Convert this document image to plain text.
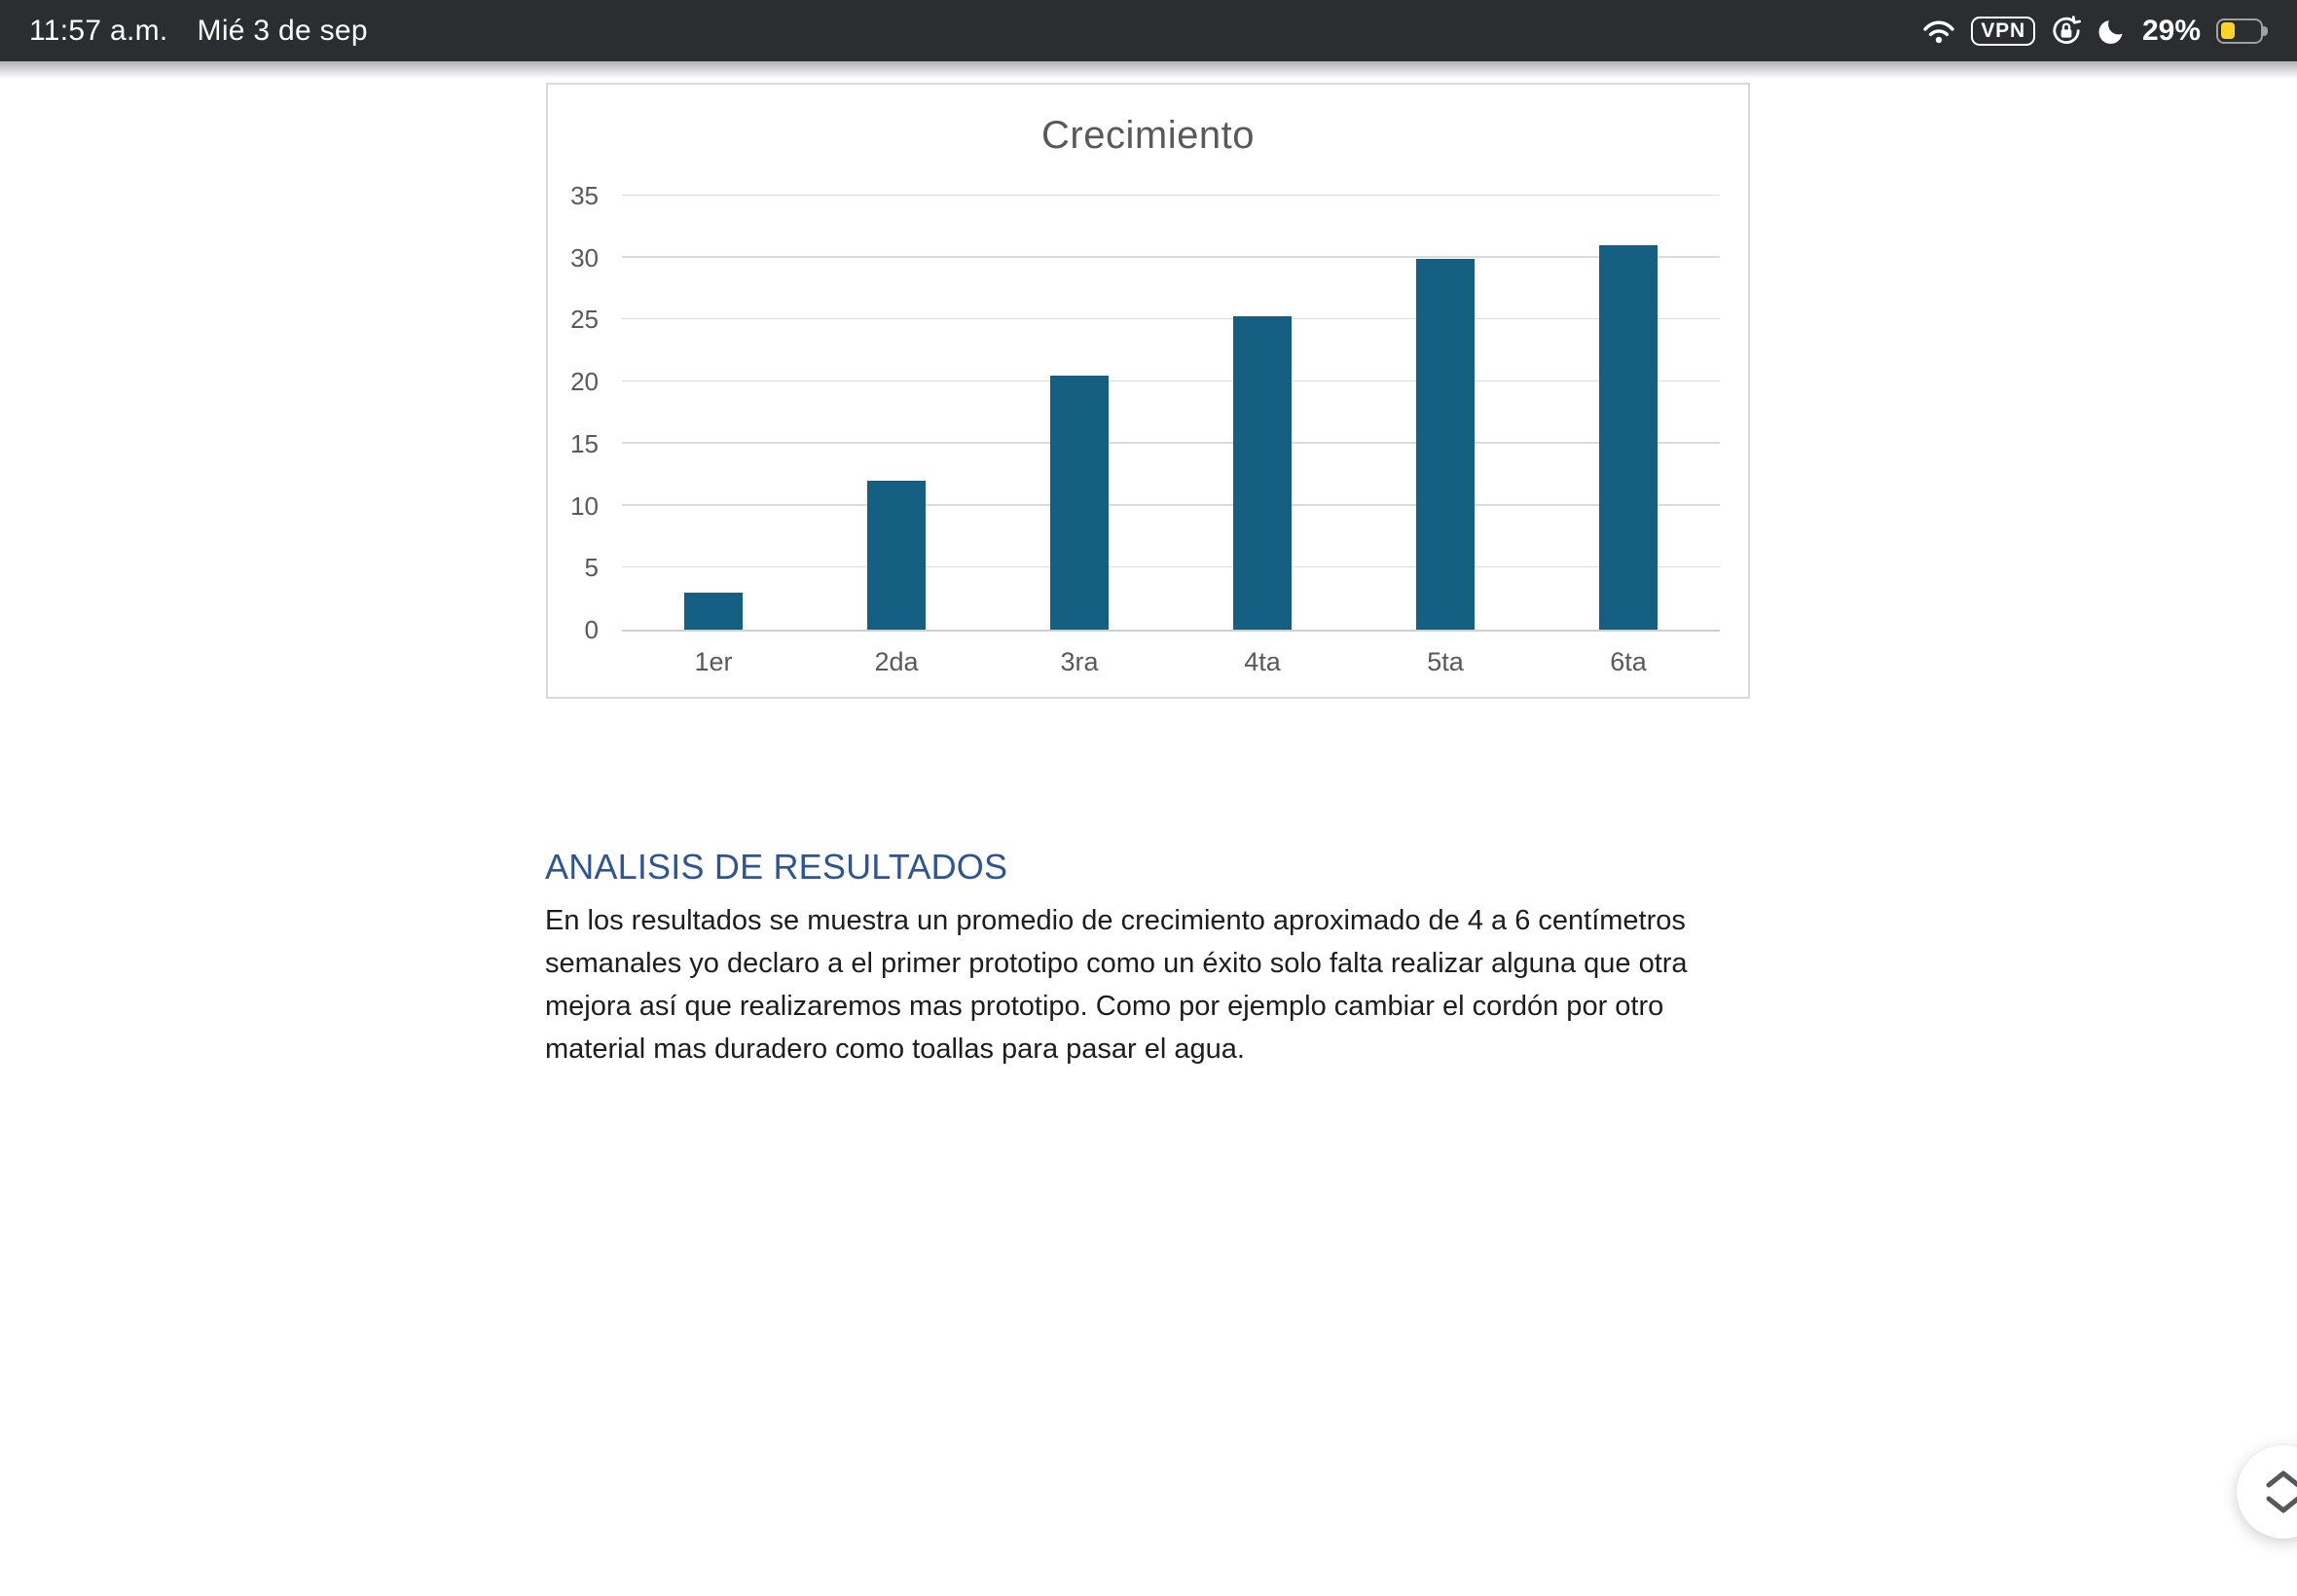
11:57 a.m. Mié 3 de sep	VPN	29%
Crecimiento
0
5
10
15
20
25
30
35
1er	2da	3ra	4ta	5ta	6ta
ANALISIS DE RESULTADOS

En los resultados se muestra un promedio de crecimiento aproximado de 4 a 6 centímetros semanales yo declaro a el primer prototipo como un éxito solo falta realizar alguna que otra mejora así que realizaremos mas prototipo. Como por ejemplo cambiar el cordón por otro material mas duradero como toallas para pasar el agua.
